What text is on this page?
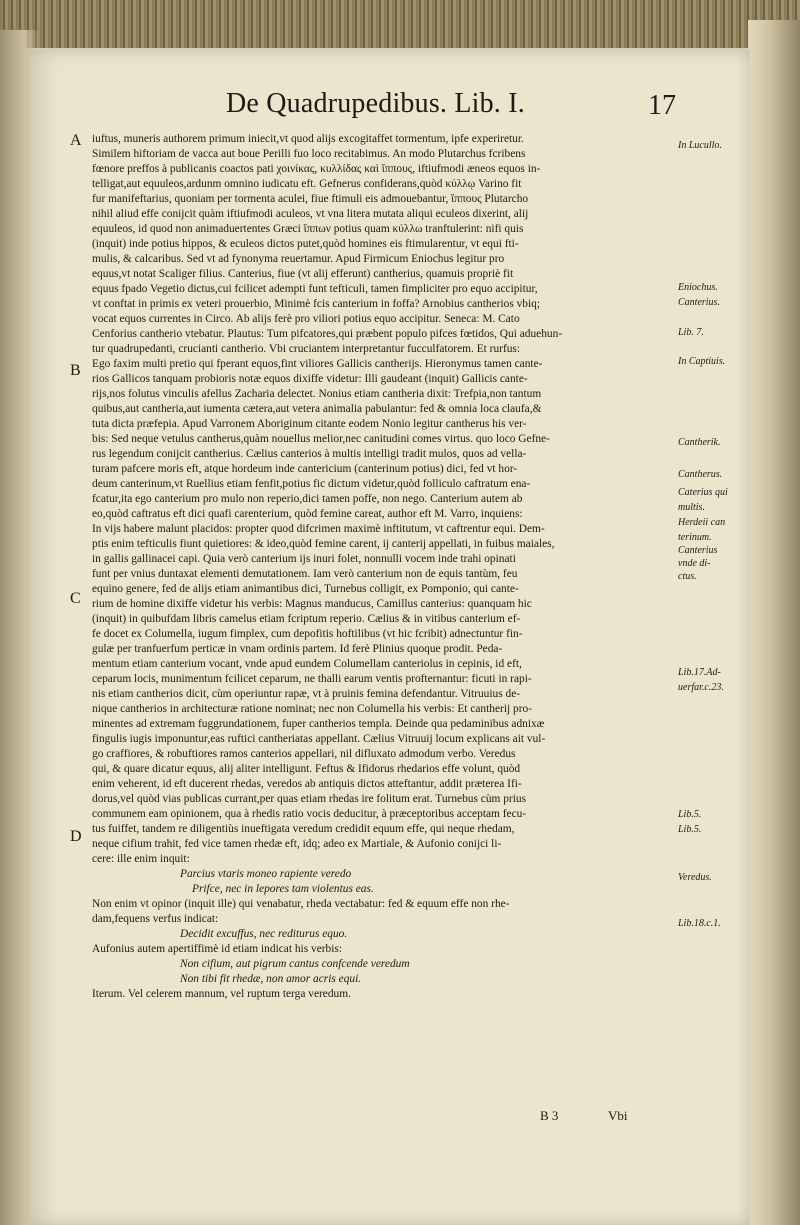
De Quadrupedibus. Lib. I.	17
A
B
C
D

iuftus, muneris authorem primum iniecit,vt quod alijs excogitaffet tormentum, ipfe experiretur.

Similem hiftoriam de vacca aut boue Perilli fuo loco recitabimus. An modo Plutarchus fcribens

fœnore preffos à publicanis coactos pati χοινίκας, κυλλίδας καὶ ἵππους, iftiufmodi æneos equos in-

telligat,aut equuleos,ardunm omnino iudicatu eft. Gefnerus confiderans,quòd κύλλῳ Varino fit

fur manifeftarius, quoniam per tormenta aculei, fiue ftimuli eis admouebantur, ἵππους Plutarcho

nihil aliud effe conijcit quàm iftiufmodi aculeos, vt vna litera mutata aliqui eculeos dixerint, alij

equuleos, id quod non animaduertentes Græci ἵππων potius quam κύλλω tranftulerint: nifi quis

(inquit) inde potius hippos, & eculeos dictos putet,quòd homines eis ftimularentur, vt equi fti-

mulis, & calcaribus. Sed vt ad fynonyma reuertamur. Apud Firmicum Eniochus legitur pro

equus,vt notat Scaliger filius. Canterius, fiue (vt alij efferunt) cantherius, quamuis propriè fit

equus fpado Vegetio dictus,cui fcilicet adempti funt tefticuli, tamen fimpliciter pro equo accipitur,

vt conftat in primis ex veteri prouerbio, Minimè fcis canterium in foffa? Arnobius cantherios vbiq;

vocat equos currentes in Circo. Ab alijs ferè pro viliori potius equo accipitur. Seneca: M. Cato

Cenforius cantherio vtebatur. Plautus: Tum pifcatores,qui præbent populo pifces fœtidos, Qui aduehun-

tur quadrupedanti, crucianti cantherio. Vbi cruciantem interpretantur fucculfatorem. Et rurfus:

Ego faxim multi pretio qui fperant equos,fint viliores Gallicis cantherijs. Hieronymus tamen cante-

rios Gallicos tanquam probioris notæ equos dixiffe videtur: Illi gaudeant (inquit) Gallicis cante-

rijs,nos folutus vinculis afellus Zacharia delectet. Nonius etiam cantheria dixit: Trefpia,non tantum

quibus,aut cantheria,aut iumenta cætera,aut vetera animalia pabulantur: fed & omnia loca claufa,&

tuta dicta præfepia. Apud Varronem Aboriginum citante eodem Nonio legitur cantherus his ver-

bis: Sed neque vetulus cantherus,quàm nouellus melior,nec canitudini comes virtus. quo loco Gefne-

rus legendum conijcit cantherius. Cælius canterios à multis intelligi tradit mulos, quos ad vella-

turam pafcere moris eft, atque hordeum inde cantericium (canterinum potius) dici, fed vt hor-

deum canterinum,vt Ruellius etiam fenfit,potius fic dictum videtur,quòd folliculo caftratum ena-

fcatur,ita ego canterium pro mulo non reperio,dici tamen poffe, non nego. Canterium autem ab

eo,quòd caftratus eft dici quafi carenterium, quòd femine careat, author eft M. Varro, inquiens:

In vijs habere malunt placidos: propter quod difcrimen maximè inftitutum, vt caftrentur equi. Dem-

ptis enim tefticulis fiunt quietiores: & ideo,quòd femine carent, ij canterij appellati, in fuibus maiales,

in gallis gallinacei capi. Quia verò canterium ijs inuri folet, nonnulli vocem inde trahi opinati

funt per vnius duntaxat elementi demutationem. Iam verò canterium non de equis tantùm, feu

equino genere, fed de alijs etiam animantibus dici, Turnebus colligit, ex Pomponio, qui cante-

rium de homine dixiffe videtur his verbis: Magnus manducus, Camillus canterius: quanquam hic

(inquit) in quibufdam libris camelus etiam fcriptum reperio. Cælius & in vitibus canterium ef-

fe docet ex Columella, iugum fimplex, cum depofitis hoftilibus (vt hic fcribit) adnectuntur fin-

gulæ per tranfuerfum perticæ in vnam ordinis partem. Id ferè Plinius quoque prodit. Peda-

mentum etiam canterium vocant, vnde apud eundem Columellam canteriolus in cepinis, id eft,

ceparum locis, munimentum fcilicet ceparum, ne thalli earum ventis profternantur: ficuti in rapi-

nis etiam cantherios dicit, cùm operiuntur rapæ, vt à pruinis femina defendantur. Vitruuius de-

nique cantherios in architecturæ ratione nominat; nec non Columella his verbis: Et cantherij pro-

minentes ad extremam fuggrundationem, fuper cantherios templa. Deinde qua pedaminibus adnixæ

fingulis iugis imponuntur,eas ruftici cantheriatas appellant. Cælius Vitruuij locum explicans ait vul-

go craffiores, & robuftiores ramos canterios appellari, nil difluxato admodum verbo. Veredus

qui, & quare dicatur equus, alij aliter intelligunt. Feftus & Ifidorus rhedarios effe volunt, quòd

enim veherent, id eft ducerent rhedas, veredos ab antiquis dictos atteftantur, addit præterea Ifi-

dorus,vel quòd vias publicas currant,per quas etiam rhedas ire folitum erat. Turnebus cùm prius

communem eam opinionem, qua à rhedis ratio vocis deducitur, à præceptoribus acceptam fecu-

tus fuiffet, tandem re diligentiùs inueftigata veredum credidit equum effe, qui neque rhedam,

neque cifium trahit, fed vice tamen rhedæ eft, idq; adeo ex Martiale, & Aufonio conijci li-

cere: ille enim inquit:

Parcius vtaris moneo rapiente veredo

Prifce, nec in lepores tam violentus eas.

Non enim vt opinor (inquit ille) qui venabatur, rheda vectabatur: fed & equum effe non rhe-

dam,fequens verfus indicat:

Decidit excuffus, nec rediturus equo.

Aufonius autem apertiffimè id etiam indicat his verbis:

Non cifium, aut pigrum cantus confcende veredum

Non tibi fit rhedæ, non amor acris equi.

Iterum. Vel celerem mannum, vel ruptum terga veredum.

In Lucullo.
Eniochus.
Canterius.
Lib. 7.
In Captiuis.
Cantherik.
Cantherus.
Caterius qui
multis.
Herdeii can
terinum.
Canterius
vnde di-
ctus.
Lib.17.Ad-
uerfar.c.23.
Lib.5.
Lib.5.
Veredus.
Lib.18.c.1.
B 3	Vbi
